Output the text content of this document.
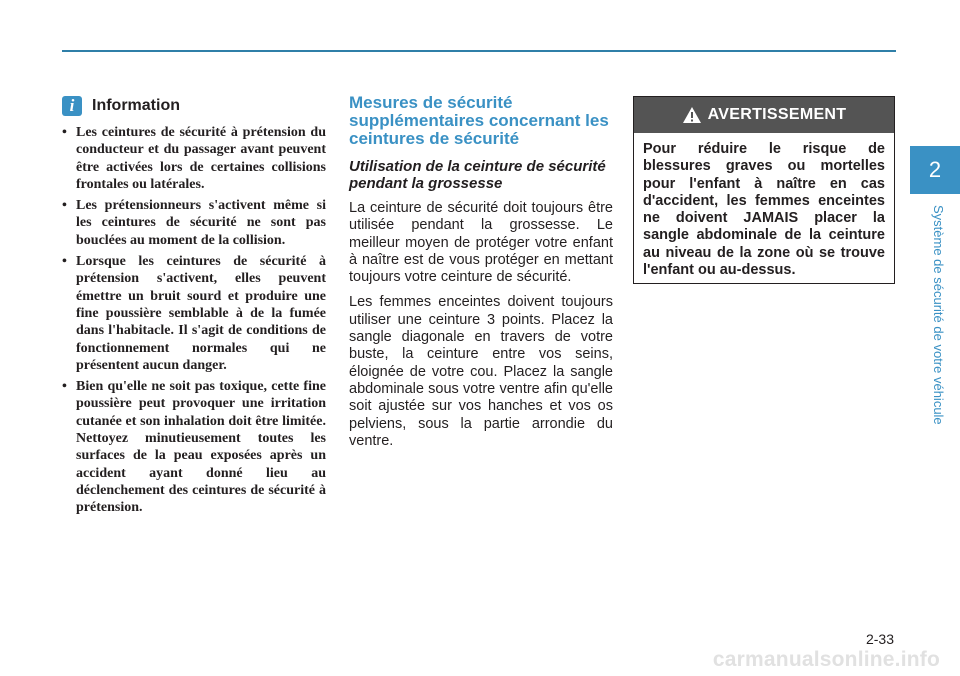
i	Information
• Les ceintures de sécurité à prétension du conducteur et du passager avant peuvent être activées lors de certaines collisions frontales ou latérales.
• Les prétensionneurs s'activent même si les ceintures de sécurité ne sont pas bouclées au moment de la collision.
• Lorsque les ceintures de sécurité à prétension s'activent, elles peuvent émettre un bruit sourd et produire une fine poussière semblable à de la fumée dans l'habitacle. Il s'agit de conditions de fonctionnement normales qui ne présentent aucun danger.
• Bien qu'elle ne soit pas toxique, cette fine poussière peut provoquer une irritation cutanée et son inhalation doit être limitée. Nettoyez minutieusement toutes les surfaces de la peau exposées après un accident ayant donné lieu au déclenchement des ceintures de sécurité à prétension.
Mesures de sécurité supplémentaires concernant les ceintures de sécurité
Utilisation de la ceinture de sécurité pendant la grossesse

La ceinture de sécurité doit toujours être utilisée pendant la grossesse. Le meilleur moyen de protéger votre enfant à naître est de vous protéger en mettant toujours votre ceinture de sécurité.

Les femmes enceintes doivent toujours utiliser une ceinture 3 points. Placez la sangle diagonale en travers de votre buste, la ceinture entre vos seins, éloignée de votre cou. Placez la sangle abdominale sous votre ventre afin qu'elle soit ajustée sur vos hanches et vos os pelviens, sous la partie arrondie du ventre.

AVERTISSEMENT
Pour réduire le risque de blessures graves ou mortelles pour l'enfant à naître en cas d'accident, les femmes enceintes ne doivent JAMAIS placer la sangle abdominale de la ceinture au niveau de la zone où se trouve l'enfant ou au-dessus.
2
Système de sécurité de votre véhicule
2-33
carmanualsonline.info
